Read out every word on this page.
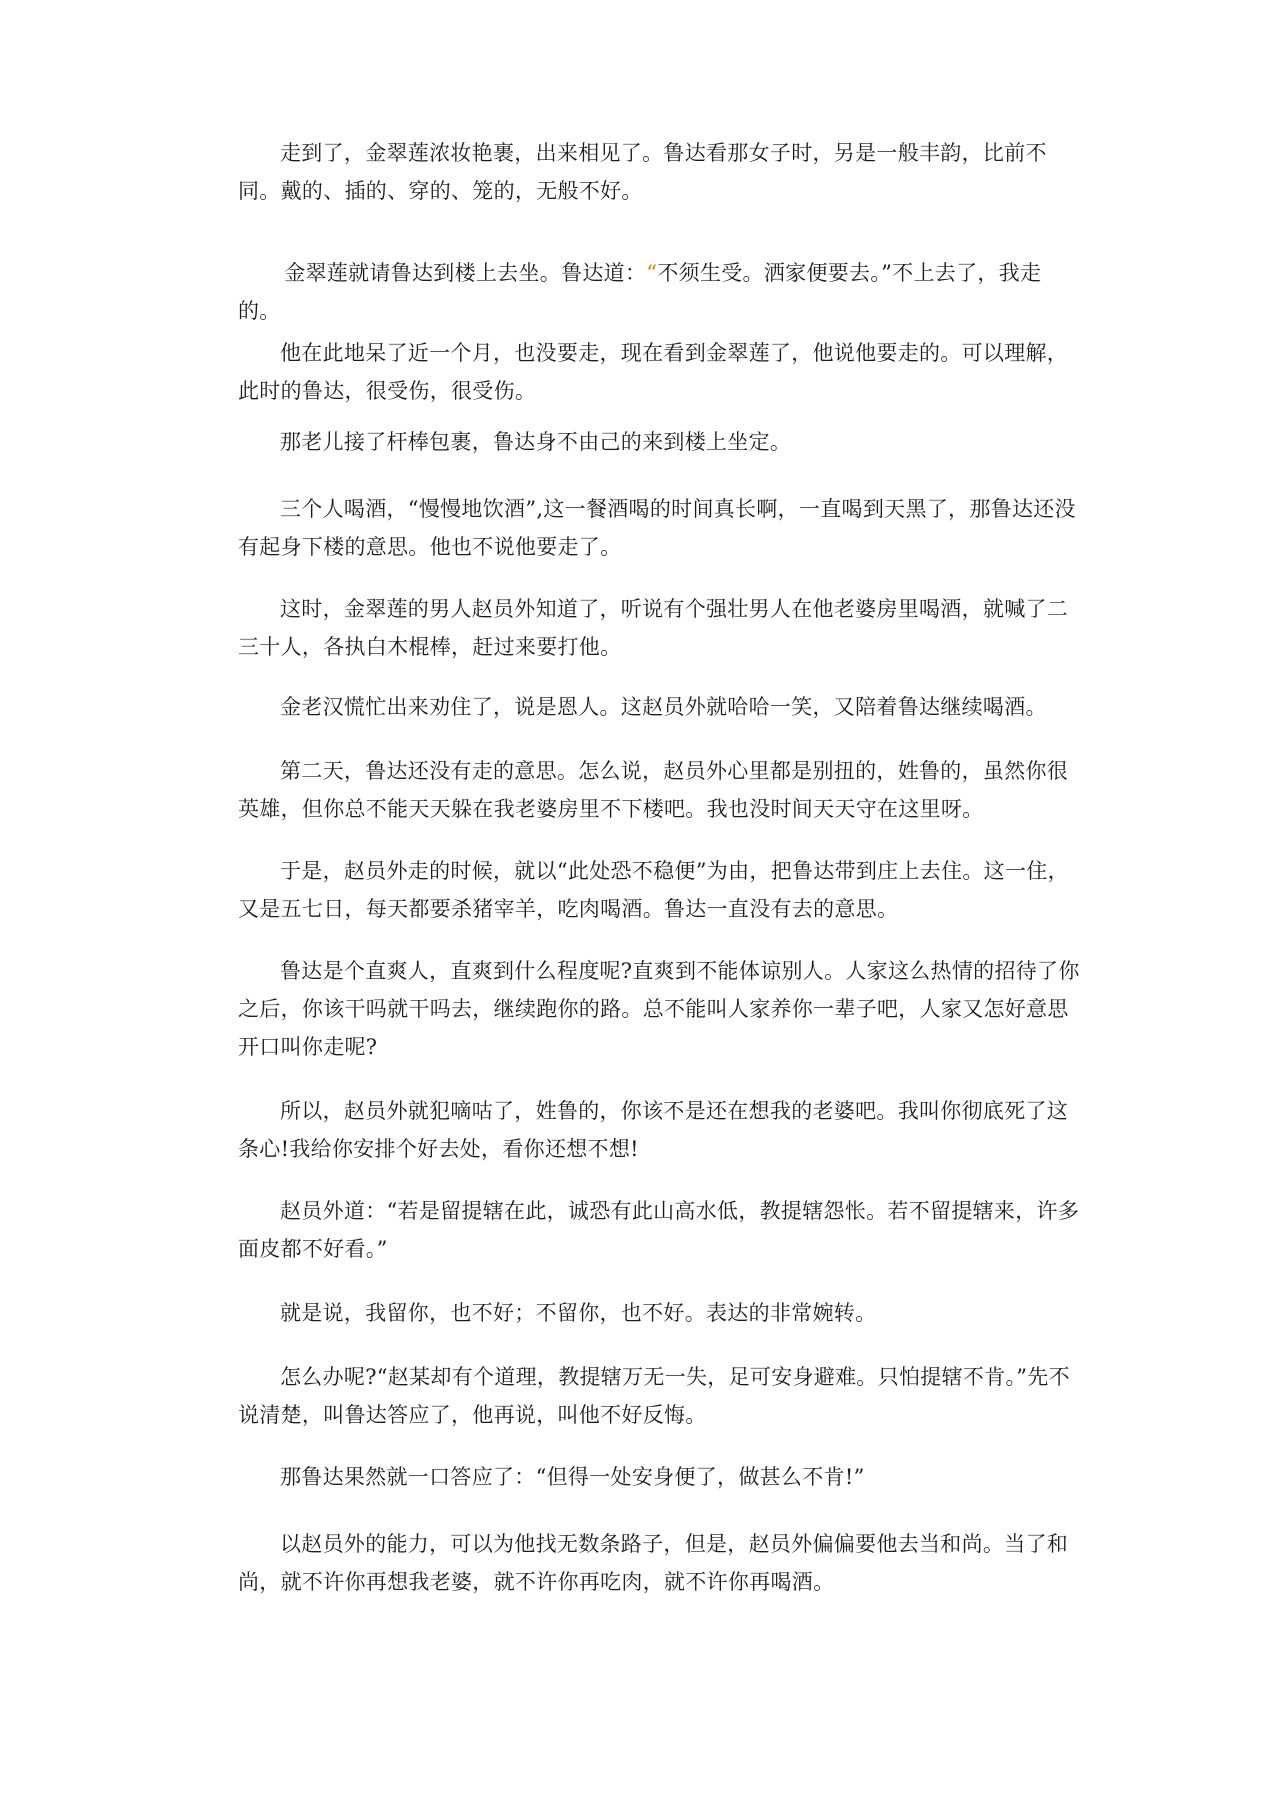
走到了，金翠莲浓妆艳裹，出来相见了。鲁达看那女子时，另是一般丰韵，比前不同。戴的、插的、穿的、笼的，无般不好。

金翠莲就请鲁达到楼上去坐。鲁达道：“不须生受。洒家便要去。”不上去了，我走的。

他在此地呆了近一个月，也没要走，现在看到金翠莲了，他说他要走的。可以理解，此时的鲁达，很受伤，很受伤。

那老儿接了杆棒包裹，鲁达身不由己的来到楼上坐定。

三个人喝酒，“慢慢地饮酒”,这一餐酒喝的时间真长啊，一直喝到天黑了，那鲁达还没有起身下楼的意思。他也不说他要走了。

这时，金翠莲的男人赵员外知道了，听说有个强壮男人在他老婆房里喝酒，就喊了二三十人，各执白木棍棒，赶过来要打他。

金老汉慌忙出来劝住了，说是恩人。这赵员外就哈哈一笑，又陪着鲁达继续喝酒。

第二天，鲁达还没有走的意思。怎么说，赵员外心里都是别扭的，姓鲁的，虽然你很英雄，但你总不能天天躲在我老婆房里不下楼吧。我也没时间天天守在这里呀。

于是，赵员外走的时候，就以“此处恐不稳便”为由，把鲁达带到庄上去住。这一住，又是五七日，每天都要杀猪宰羊，吃肉喝酒。鲁达一直没有去的意思。

鲁达是个直爽人，直爽到什么程度呢?直爽到不能体谅别人。人家这么热情的招待了你之后，你该干吗就干吗去，继续跑你的路。总不能叫人家养你一辈子吧，人家又怎好意思开口叫你走呢?

所以，赵员外就犯嘀咕了，姓鲁的，你该不是还在想我的老婆吧。我叫你彻底死了这条心!我给你安排个好去处，看你还想不想!

赵员外道：“若是留提辖在此，诚恐有此山高水低，教提辖怨怅。若不留提辖来，许多面皮都不好看。”

就是说，我留你，也不好；不留你，也不好。表达的非常婉转。

怎么办呢?“赵某却有个道理，教提辖万无一失，足可安身避难。只怕提辖不肯。”先不说清楚，叫鲁达答应了，他再说，叫他不好反悔。

那鲁达果然就一口答应了：“但得一处安身便了，做甚么不肯!”

以赵员外的能力，可以为他找无数条路子，但是，赵员外偏偏要他去当和尚。当了和尚，就不许你再想我老婆，就不许你再吃肉，就不许你再喝酒。
